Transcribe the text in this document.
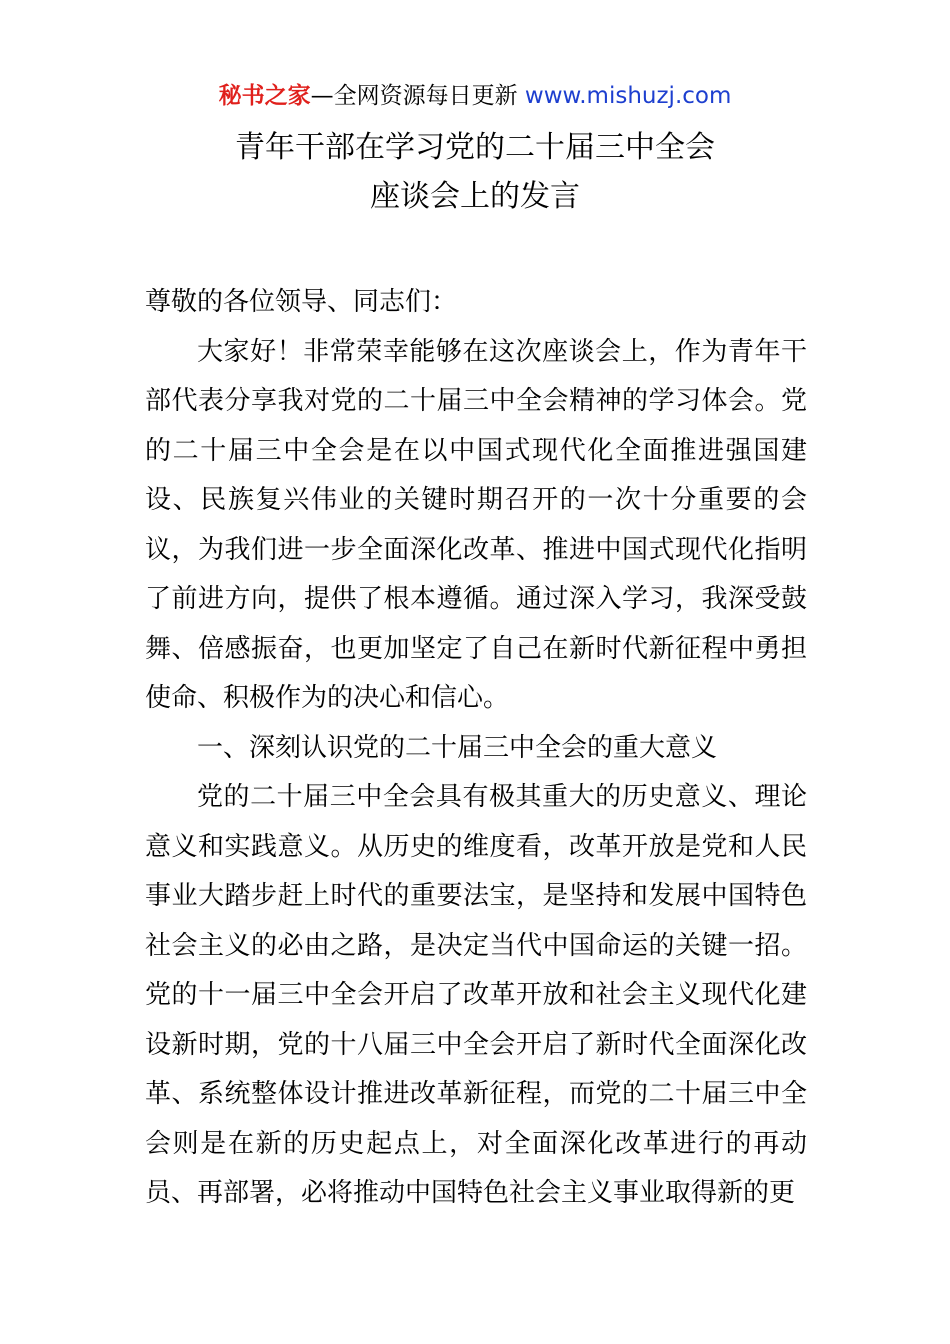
秘书之家—全网资源每日更新 www.mishuzj.com
青年干部在学习党的二十届三中全会
座谈会上的发言

尊敬的各位领导、同志们：

大家好！非常荣幸能够在这次座谈会上，作为青年干部代表分享我对党的二十届三中全会精神的学习体会。党的二十届三中全会是在以中国式现代化全面推进强国建设、民族复兴伟业的关键时期召开的一次十分重要的会议，为我们进一步全面深化改革、推进中国式现代化指明了前进方向，提供了根本遵循。通过深入学习，我深受鼓舞、倍感振奋，也更加坚定了自己在新时代新征程中勇担使命、积极作为的决心和信心。

一、深刻认识党的二十届三中全会的重大意义

党的二十届三中全会具有极其重大的历史意义、理论意义和实践意义。从历史的维度看，改革开放是党和人民事业大踏步赶上时代的重要法宝，是坚持和发展中国特色社会主义的必由之路，是决定当代中国命运的关键一招。党的十一届三中全会开启了改革开放和社会主义现代化建设新时期，党的十八届三中全会开启了新时代全面深化改革、系统整体设计推进改革新征程，而党的二十届三中全会则是在新的历史起点上，对全面深化改革进行的再动员、再部署，必将推动中国特色社会主义事业取得新的更
